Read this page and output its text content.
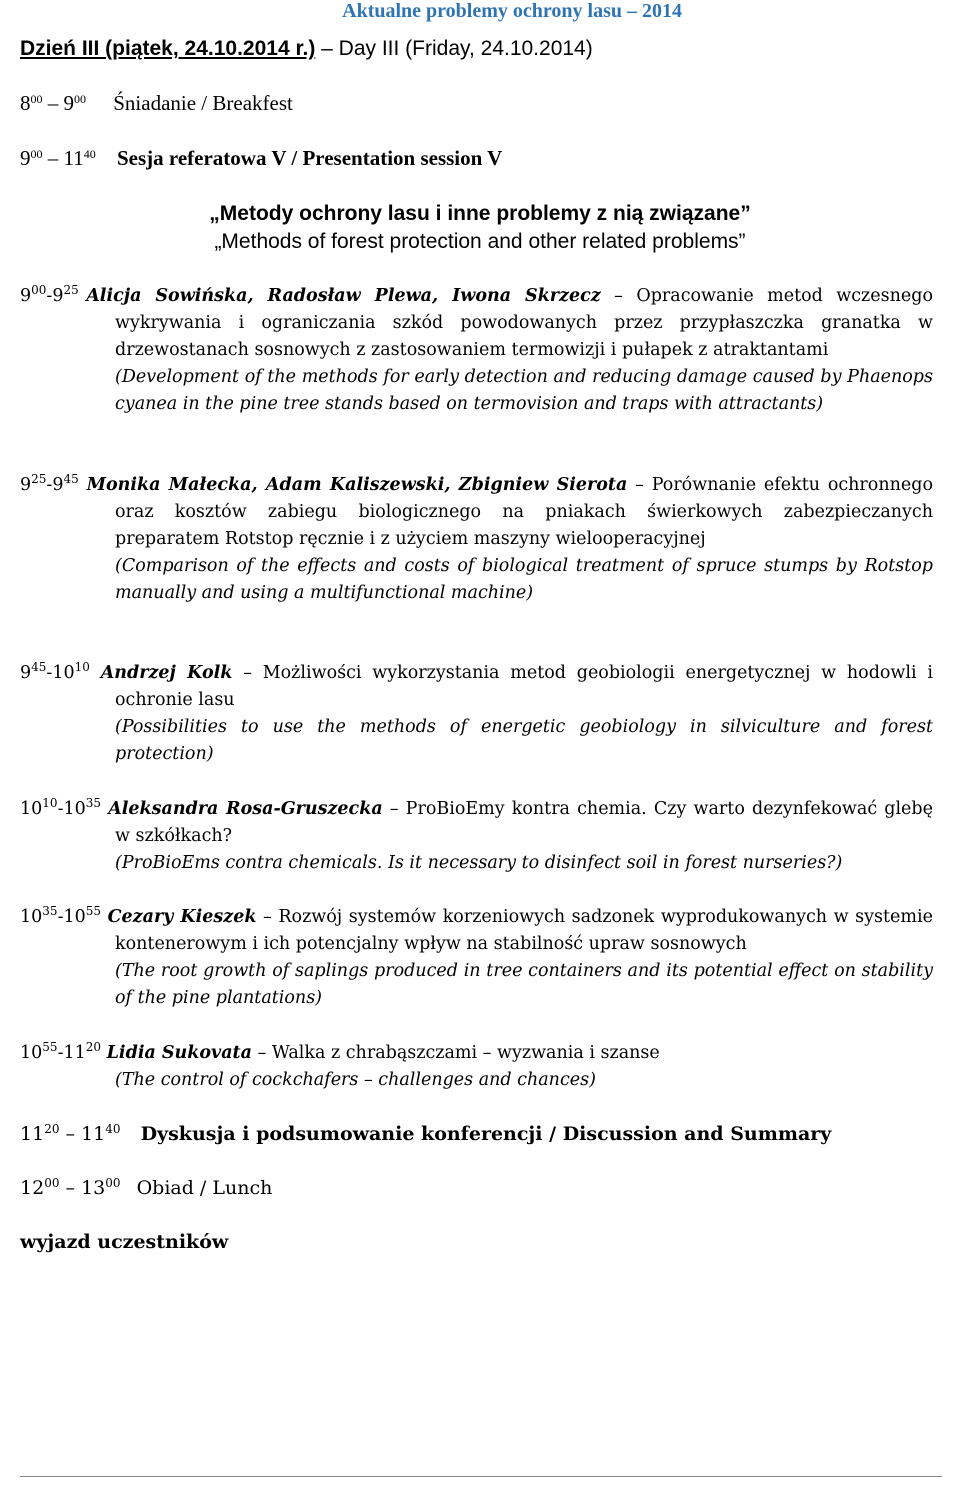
Aktualne problemy ochrony lasu – 2014
Dzień III (piątek, 24.10.2014 r.) – Day III (Friday, 24.10.2014)
$8^{00} - 9^{00}$ Śniadanie / Breakfest
$9^{00} - 11^{40}$ Sesja referatowa V / Presentation session V
„Metody ochrony lasu i inne problemy z nią związane”
„Methods of forest protection and other related problems”

$9^{00}-9^{25}$ Alicja Sowińska, Radosław Plewa, Iwona Skrzecz – Opracowanie metod wczesnego wykrywania i ograniczania szkód powodowanych przez przypłaszczka granatka w drzewostanach sosnowych z zastosowaniem termowizji i pułapek z atraktantami

(Development of the methods for early detection and reducing damage caused by Phaenops cyanea in the pine tree stands based on termovision and traps with attractants)

$9^{25}-9^{45}$ Monika Małecka, Adam Kaliszewski, Zbigniew Sierota – Porównanie efektu ochronnego oraz kosztów zabiegu biologicznego na pniakach świerkowych zabezpieczanych preparatem Rotstop ręcznie i z użyciem maszyny wielooperacyjnej

(Comparison of the effects and costs of biological treatment of spruce stumps by Rotstop manually and using a multifunctional machine)

$9^{45}-10^{10}$ Andrzej Kolk – Możliwości wykorzystania metod geobiologii energetycznej w hodowli i ochronie lasu

(Possibilities to use the methods of energetic geobiology in silviculture and forest protection)

$10^{10}-10^{35}$ Aleksandra Rosa-Gruszecka – ProBioEmy kontra chemia. Czy warto dezynfekować glebę w szkółkach?

(ProBioEms contra chemicals. Is it necessary to disinfect soil in forest nurseries?)

$10^{35}-10^{55}$ Cezary Kieszek – Rozwój systemów korzeniowych sadzonek wyprodukowanych w systemie kontenerowym i ich potencjalny wpływ na stabilność upraw sosnowych

(The root growth of saplings produced in tree containers and its potential effect on stability of the pine plantations)

$10^{55}-11^{20}$ Lidia Sukovata – Walka z chrabąszczami – wyzwania i szanse

(The control of cockchafers – challenges and chances)

$11^{20} - 11^{40}$ Dyskusja i podsumowanie konferencji / Discussion and Summary
$12^{00} - 13^{00}$ Obiad / Lunch
wyjazd uczestników
